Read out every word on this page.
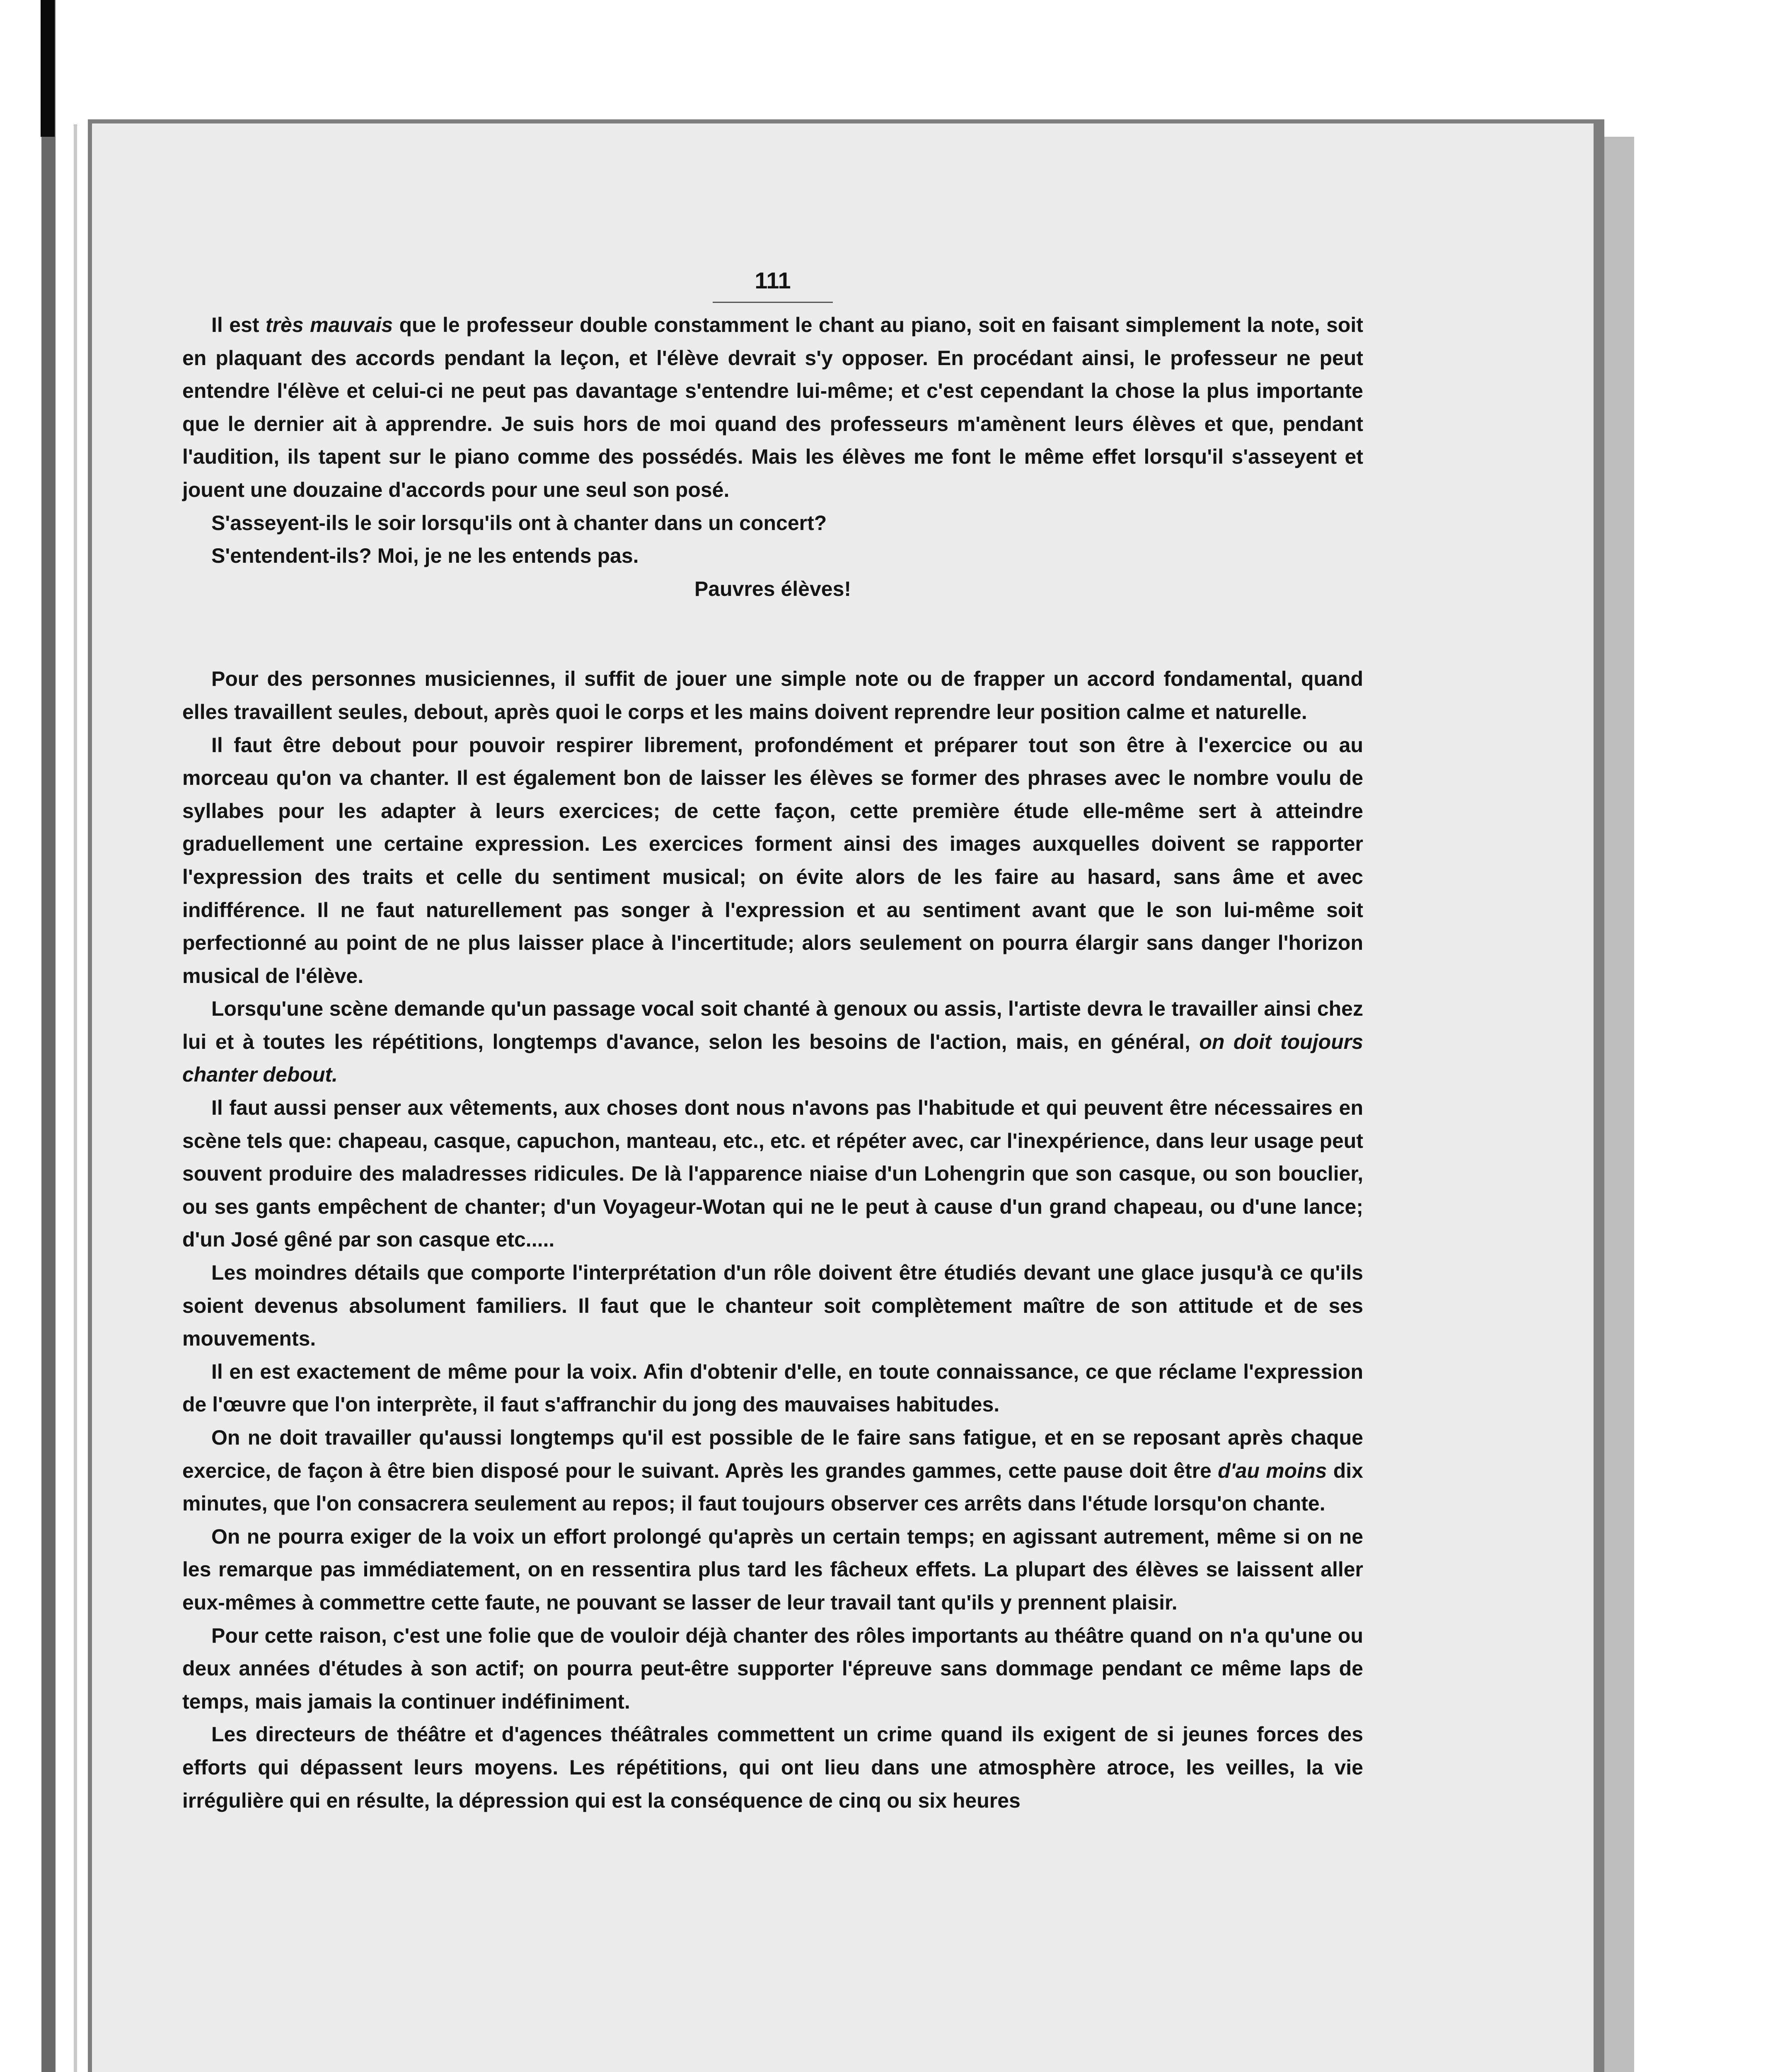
111

Il est très mauvais que le professeur double constamment le chant au piano, soit en faisant simplement la note, soit en plaquant des accords pendant la leçon, et l'élève devrait s'y opposer. En procédant ainsi, le professeur ne peut entendre l'élève et celui-ci ne peut pas davantage s'entendre lui-même; et c'est cependant la chose la plus importante que le dernier ait à apprendre. Je suis hors de moi quand des professeurs m'amènent leurs élèves et que, pendant l'audition, ils tapent sur le piano comme des possédés. Mais les élèves me font le même effet lorsqu'il s'asseyent et jouent une douzaine d'accords pour une seul son posé.

S'asseyent-ils le soir lorsqu'ils ont à chanter dans un concert?

S'entendent-ils? Moi, je ne les entends pas.

Pauvres élèves!

Pour des personnes musiciennes, il suffit de jouer une simple note ou de frapper un accord fondamental, quand elles travaillent seules, debout, après quoi le corps et les mains doivent reprendre leur position calme et naturelle.

Il faut être debout pour pouvoir respirer librement, profondément et préparer tout son être à l'exercice ou au morceau qu'on va chanter. Il est également bon de laisser les élèves se former des phrases avec le nombre voulu de syllabes pour les adapter à leurs exercices; de cette façon, cette première étude elle-même sert à atteindre graduellement une certaine expression. Les exercices forment ainsi des images auxquelles doivent se rapporter l'expression des traits et celle du sentiment musical; on évite alors de les faire au hasard, sans âme et avec indifférence. Il ne faut naturellement pas songer à l'expression et au sentiment avant que le son lui-même soit perfectionné au point de ne plus laisser place à l'incertitude; alors seulement on pourra élargir sans danger l'horizon musical de l'élève.

Lorsqu'une scène demande qu'un passage vocal soit chanté à genoux ou assis, l'artiste devra le travailler ainsi chez lui et à toutes les répétitions, longtemps d'avance, selon les besoins de l'action, mais, en général, on doit toujours chanter debout.

Il faut aussi penser aux vêtements, aux choses dont nous n'avons pas l'habitude et qui peuvent être nécessaires en scène tels que: chapeau, casque, capuchon, manteau, etc., etc. et répéter avec, car l'inexpérience, dans leur usage peut souvent produire des maladresses ridicules. De là l'apparence niaise d'un Lohengrin que son casque, ou son bouclier, ou ses gants empêchent de chanter; d'un Voyageur-Wotan qui ne le peut à cause d'un grand chapeau, ou d'une lance; d'un José gêné par son casque etc.....

Les moindres détails que comporte l'interprétation d'un rôle doivent être étudiés devant une glace jusqu'à ce qu'ils soient devenus absolument familiers. Il faut que le chanteur soit complètement maître de son attitude et de ses mouvements.

Il en est exactement de même pour la voix. Afin d'obtenir d'elle, en toute connaissance, ce que réclame l'expression de l'œuvre que l'on interprète, il faut s'affranchir du jong des mauvaises habitudes.

On ne doit travailler qu'aussi longtemps qu'il est possible de le faire sans fatigue, et en se reposant après chaque exercice, de façon à être bien disposé pour le suivant. Après les grandes gammes, cette pause doit être d'au moins dix minutes, que l'on consacrera seulement au repos; il faut toujours observer ces arrêts dans l'étude lorsqu'on chante.

On ne pourra exiger de la voix un effort prolongé qu'après un certain temps; en agissant autrement, même si on ne les remarque pas immédiatement, on en ressentira plus tard les fâcheux effets. La plupart des élèves se laissent aller eux-mêmes à commettre cette faute, ne pouvant se lasser de leur travail tant qu'ils y prennent plaisir.

Pour cette raison, c'est une folie que de vouloir déjà chanter des rôles importants au théâtre quand on n'a qu'une ou deux années d'études à son actif; on pourra peut-être supporter l'épreuve sans dommage pendant ce même laps de temps, mais jamais la continuer indéfiniment.

Les directeurs de théâtre et d'agences théâtrales commettent un crime quand ils exigent de si jeunes forces des efforts qui dépassent leurs moyens. Les répétitions, qui ont lieu dans une atmosphère atroce, les veilles, la vie irrégulière qui en résulte, la dépression qui est la conséquence de cinq ou six heures
